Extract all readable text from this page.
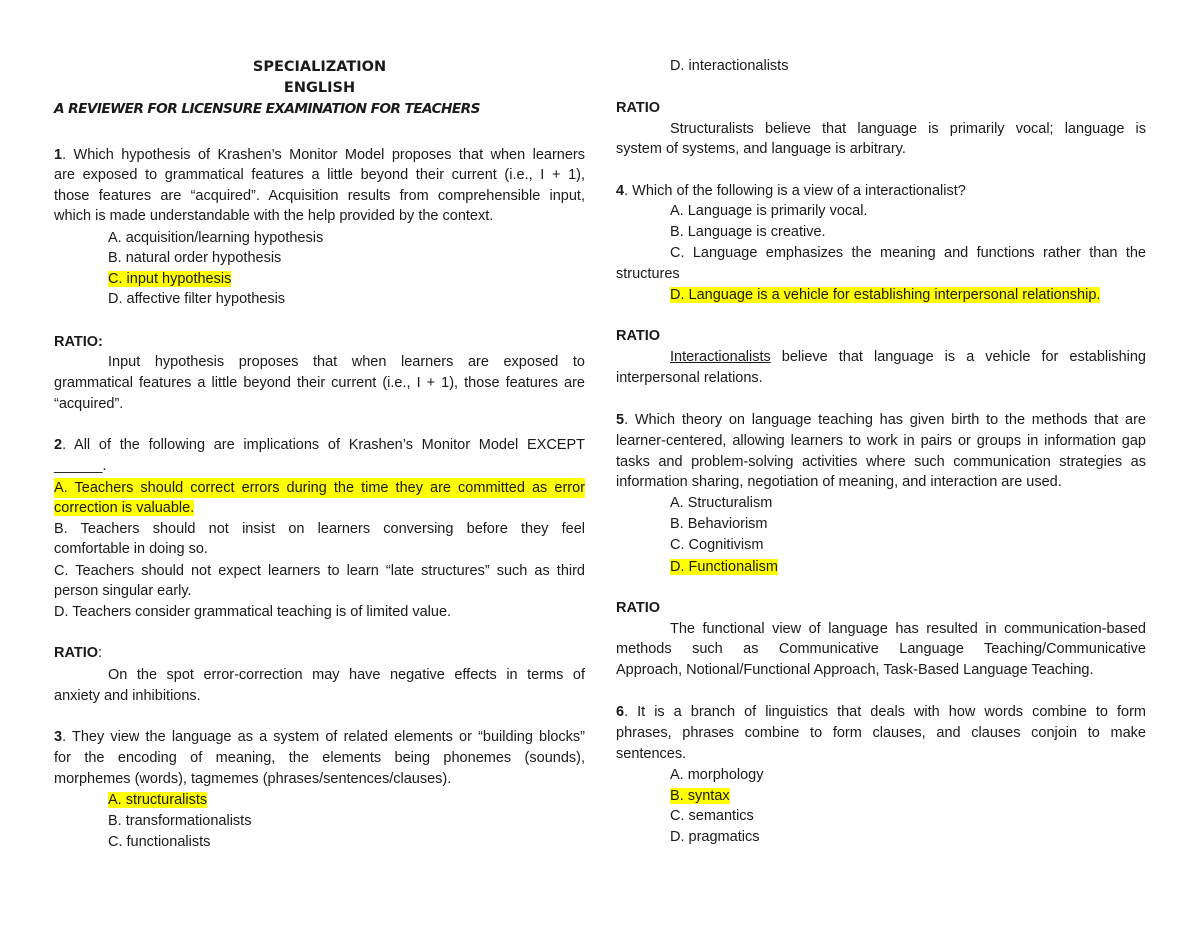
SPECIALIZATION
ENGLISH
A REVIEWER FOR LICENSURE EXAMINATION FOR TEACHERS
1. Which hypothesis of Krashen’s Monitor Model proposes that when learners
are exposed to grammatical features a little beyond their current (i.e., I + 1),
those features are “acquired”. Acquisition results from comprehensible input,
which is made understandable with the help provided by the context.
A. acquisition/learning hypothesis
B. natural order hypothesis
C. input hypothesis
D. affective filter hypothesis
RATIO:
Input hypothesis proposes that when learners are exposed to
grammatical features a little beyond their current (i.e., I + 1), those features are
“acquired”.
2. All of the following are implications of Krashen’s Monitor Model EXCEPT
______.
A. Teachers should correct errors during the time they are committed as error
correction is valuable.
B. Teachers should not insist on learners conversing before they feel
comfortable in doing so.
C. Teachers should not expect learners to learn “late structures” such as third
person singular early.
D. Teachers consider grammatical teaching is of limited value.
RATIO:
On the spot error-correction may have negative effects in terms of
anxiety and inhibitions.
3. They view the language as a system of related elements or “building blocks”
for the encoding of meaning, the elements being phonemes (sounds),
morphemes (words), tagmemes (phrases/sentences/clauses).
A. structuralists
B. transformationalists
C. functionalists
D. interactionalists
RATIO
Structuralists believe that language is primarily vocal; language is
system of systems, and language is arbitrary.
4. Which of the following is a view of a interactionalist?
A. Language is primarily vocal.
B. Language is creative.
C. Language emphasizes the meaning and functions rather than the
structures
D. Language is a vehicle for establishing interpersonal relationship.
RATIO
Interactionalists believe that language is a vehicle for establishing
interpersonal relations.
5. Which theory on language teaching has given birth to the methods that are
learner-centered, allowing learners to work in pairs or groups in information gap
tasks and problem-solving activities where such communication strategies as
information sharing, negotiation of meaning, and interaction are used.
A. Structuralism
B. Behaviorism
C. Cognitivism
D. Functionalism
RATIO
The functional view of language has resulted in communication-based
methods such as Communicative Language Teaching/Communicative
Approach, Notional/Functional Approach, Task-Based Language Teaching.
6. It is a branch of linguistics that deals with how words combine to form
phrases, phrases combine to form clauses, and clauses conjoin to make
sentences.
A. morphology
B. syntax
C. semantics
D. pragmatics
